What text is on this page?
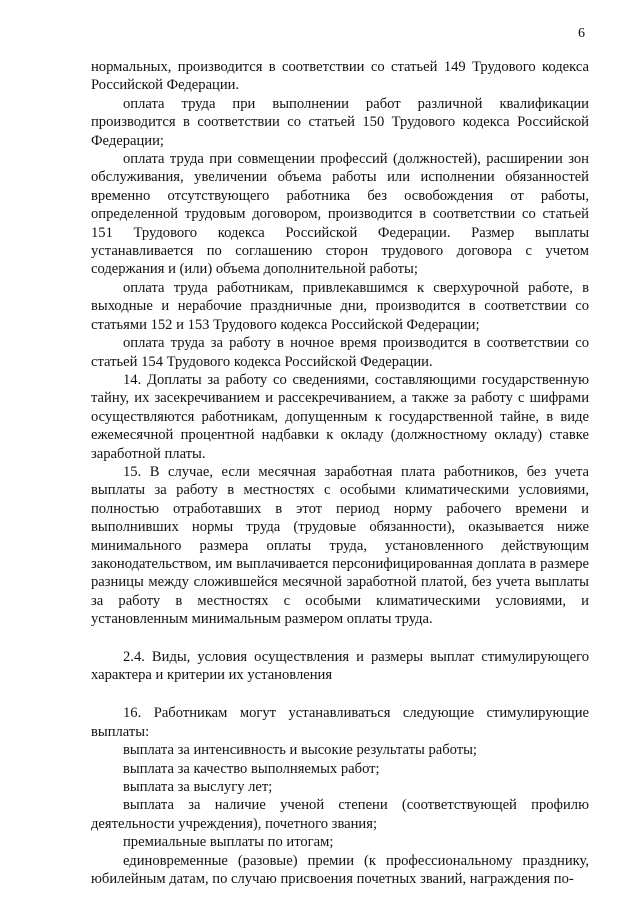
6

нормальных, производится в соответствии со статьей 149 Трудового кодекса Российской Федерации.

оплата труда при выполнении работ различной квалификации производится в соответствии со статьей 150 Трудового кодекса Российской Федерации;

оплата труда при совмещении профессий (должностей), расширении зон обслуживания, увеличении объема работы или исполнении обязанностей временно отсутствующего работника без освобождения от работы, определенной трудовым договором, производится в соответствии со статьей 151 Трудового кодекса Российской Федерации. Размер выплаты устанавливается по соглашению сторон трудового договора с учетом содержания и (или) объема дополнительной работы;

оплата труда работникам, привлекавшимся к сверхурочной работе, в выходные и нерабочие праздничные дни, производится в соответствии со статьями 152 и 153 Трудового кодекса Российской Федерации;

оплата труда за работу в ночное время производится в соответствии со статьей 154 Трудового кодекса Российской Федерации.

14. Доплаты за работу со сведениями, составляющими государственную тайну, их засекречиванием и рассекречиванием, а также за работу с шифрами осуществляются работникам, допущенным к государственной тайне, в виде ежемесячной процентной надбавки к окладу (должностному окладу) ставке заработной платы.

15. В случае, если месячная заработная плата работников, без учета выплаты за работу в местностях с особыми климатическими условиями, полностью отработавших в этот период норму рабочего времени и выполнивших нормы труда (трудовые обязанности), оказывается ниже минимального размера оплаты труда, установленного действующим законодательством, им выплачивается персонифицированная доплата в размере разницы между сложившейся месячной заработной платой, без учета выплаты за работу в местностях с особыми климатическими условиями, и установленным минимальным размером оплаты труда.

2.4. Виды, условия осуществления и размеры выплат стимулирующего характера и критерии их установления

16. Работникам могут устанавливаться следующие стимулирующие выплаты:

выплата за интенсивность и высокие результаты работы;

выплата за качество выполняемых работ;

выплата за выслугу лет;

выплата за наличие ученой степени (соответствующей профилю деятельности учреждения), почетного звания;

премиальные выплаты по итогам;

единовременные (разовые) премии (к профессиональному празднику, юбилейным датам, по случаю присвоения почетных званий, награждения по-
